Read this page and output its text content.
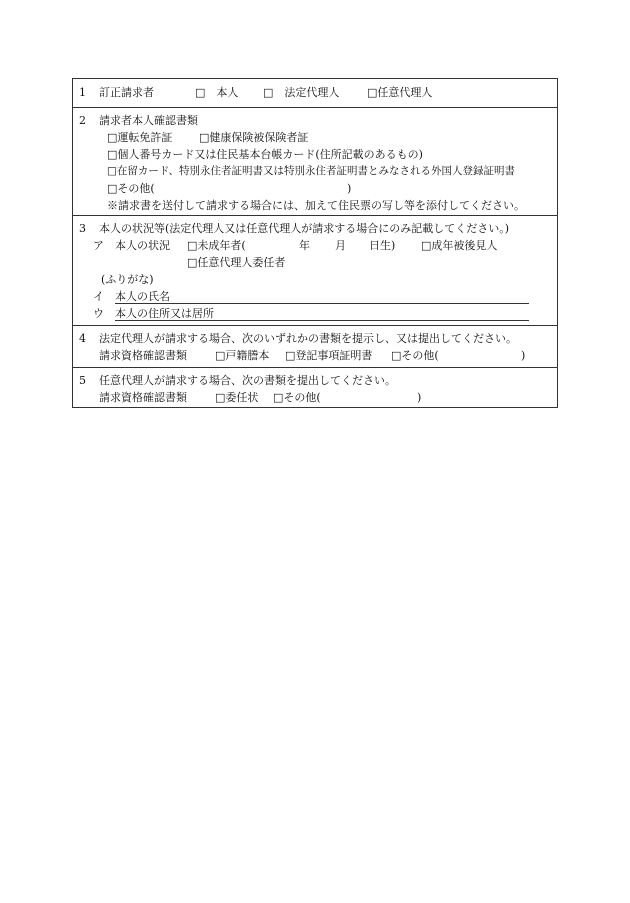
1 訂正請求者	□　本人 □　法定代理人	□任意代理人
2 請求者本人確認書類
□運転免許証 □健康保険被保険者証
□個人番号カード又は住民基本台帳カード(住所記載のあるもの)
□在留カード、特別永住者証明書又は特別永住者証明書とみなされる外国人登録証明書
□その他(	)
※請求書を送付して請求する場合には、加えて住民票の写し等を添付してください。
3 本人の状況等(法定代理人又は任意代理人が請求する場合にのみ記載してください。)
ア 本人の状況 □未成年者(	年 月 日生) □成年被後見人
□任意代理人委任者
(ふりがな)
イ 本人の氏名
ウ 本人の住所又は居所
4 法定代理人が請求する場合、次のいずれかの書類を提示し、又は提出してください。
請求資格確認書類	□戸籍謄本 □登記事項証明書 □その他(	)
5 任意代理人が請求する場合、次の書類を提出してください。
請求資格確認書類	□委任状 □その他(	)
